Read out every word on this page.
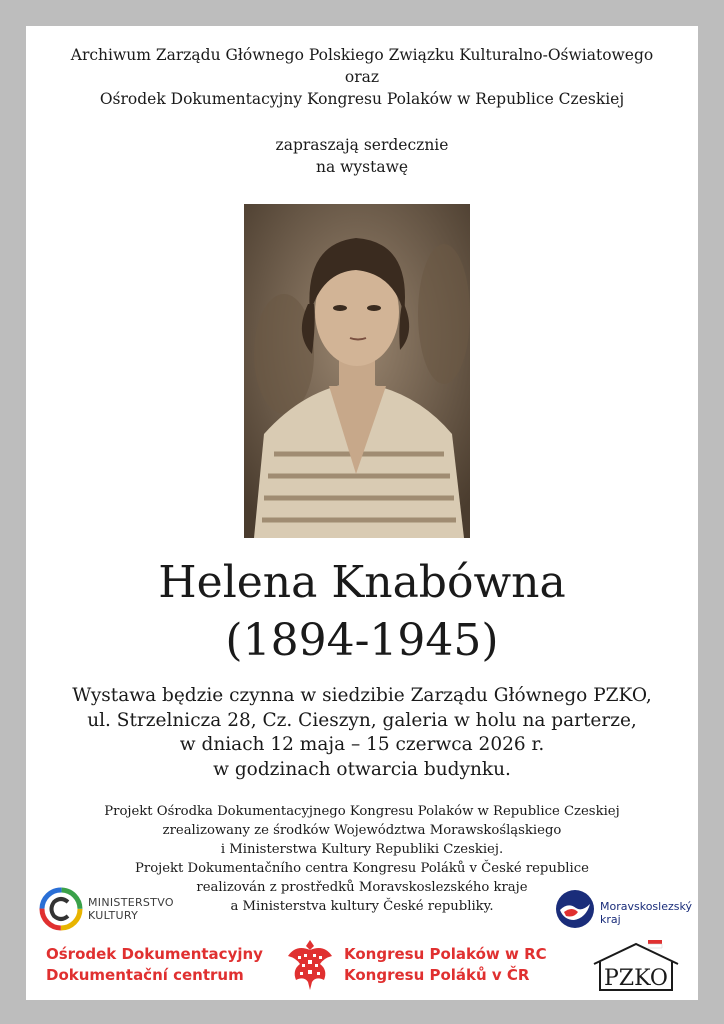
Archiwum Zarządu Głównego Polskiego Związku Kulturalno-Oświatowego
oraz
Ośrodek Dokumentacyjny Kongresu Polaków w Republice Czeskiej
zapraszają serdecznie
na wystawę
Helena Knabówna
(1894-1945)
Wystawa będzie czynna w siedzibie Zarządu Głównego PZKO,
ul. Strzelnicza 28, Cz. Cieszyn, galeria w holu na parterze,
w dniach 12 maja – 15 czerwca 2026 r.
w godzinach otwarcia budynku.
Projekt Ośrodka Dokumentacyjnego Kongresu Polaków w Republice Czeskiej
zrealizowany ze środków Województwa Morawskośląskiego
i Ministerstwa Kultury Republiki Czeskiej.
Projekt Dokumentačního centra Kongresu Poláků v České republice
realizován z prostředků Moravskoslezského kraje
a Ministerstva kultury České republiky.
MINISTERSTVO
KULTURY
Moravskoslezský
kraj
Ośrodek Dokumentacyjny
Dokumentační centrum
Kongresu Polaków w RC
Kongresu Poláků v ČR	PZKO
